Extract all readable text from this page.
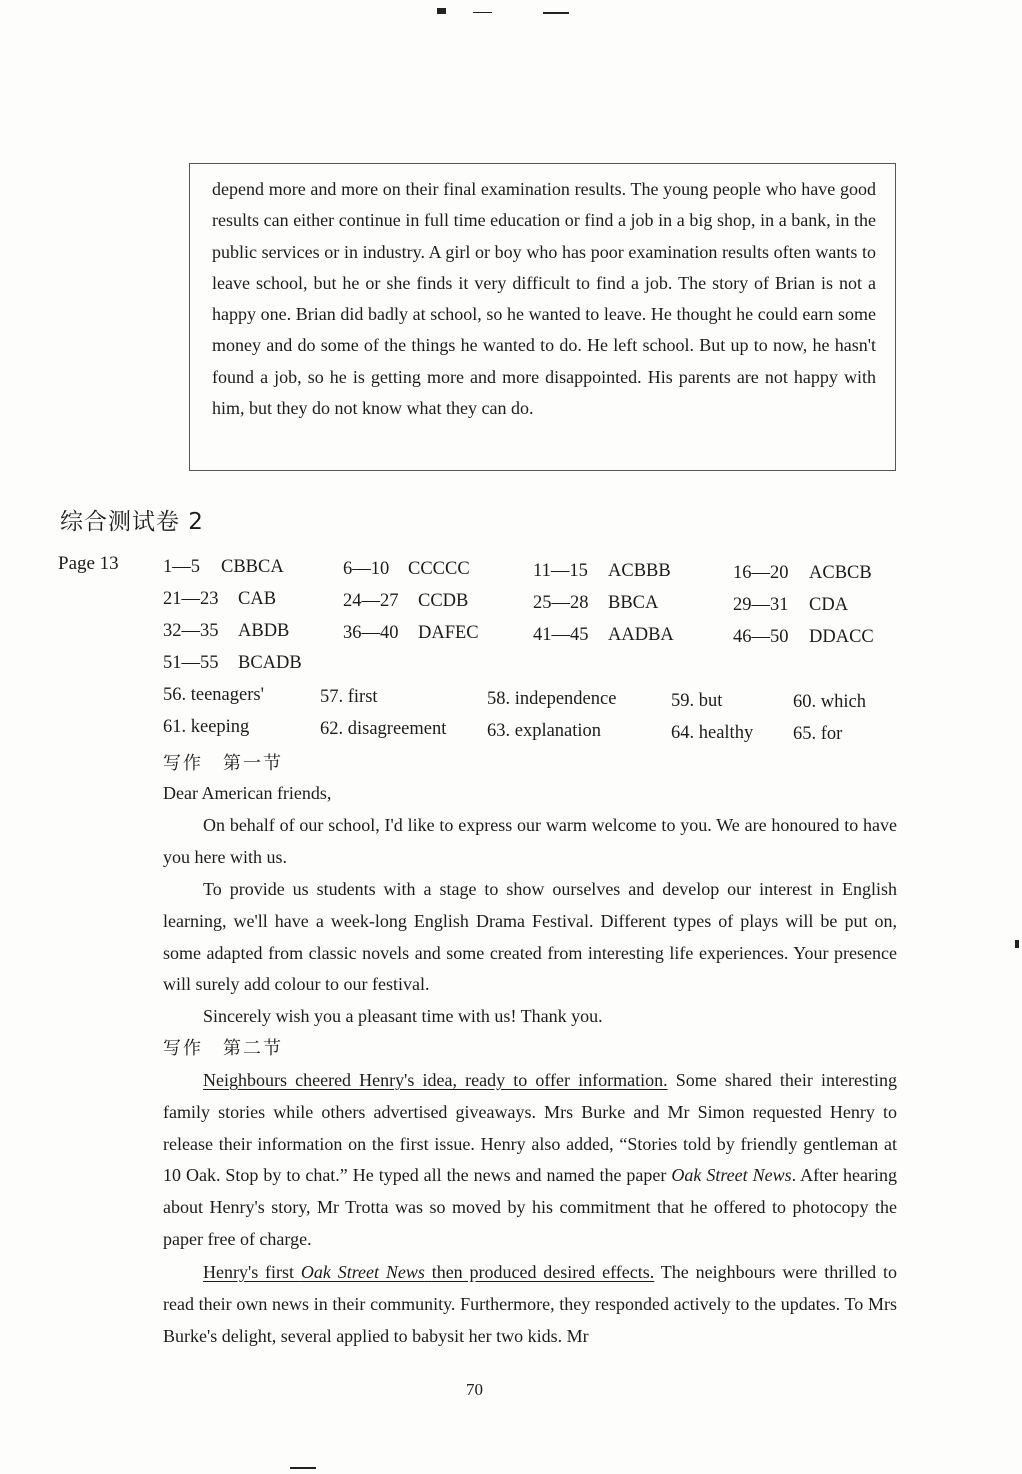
depend more and more on their final examination results. The young people who have good results can either continue in full time education or find a job in a big shop, in a bank, in the public services or in industry. A girl or boy who has poor examination results often wants to leave school, but he or she finds it very difficult to find a job. The story of Brian is not a happy one. Brian did badly at school, so he wanted to leave. He thought he could earn some money and do some of the things he wanted to do. He left school. But up to now, he hasn't found a job, so he is getting more and more disappointed. His parents are not happy with him, but they do not know what they can do.
综合测试卷 2
Page 13 1—5 CBBCA	6—10 CCCCC	11—15 ACBBB	16—20 ACBCB
21—23 CAB	24—27 CCDB	25—28 BBCA	29—31 CDA
32—35 ABDB	36—40 DAFEC	41—45 AADBA	46—50 DDACC
51—55 BCADB
56. teenagers'	57. first	58. independence	59. but	60. which
61. keeping	62. disagreement 63. explanation	64. healthy 65. for
写作　第一节
Dear American friends,
On behalf of our school, I'd like to express our warm welcome to you. We are honoured to have you here with us.
To provide us students with a stage to show ourselves and develop our interest in English learning, we'll have a week-long English Drama Festival. Different types of plays will be put on, some adapted from classic novels and some created from interesting life experiences. Your presence will surely add colour to our festival.
Sincerely wish you a pleasant time with us! Thank you.
写作　第二节
Neighbours cheered Henry's idea, ready to offer information. Some shared their interesting family stories while others advertised giveaways. Mrs Burke and Mr Simon requested Henry to release their information on the first issue. Henry also added, “Stories told by friendly gentleman at 10 Oak. Stop by to chat.” He typed all the news and named the paper Oak Street News. After hearing about Henry's story, Mr Trotta was so moved by his commitment that he offered to photocopy the paper free of charge.
Henry's first Oak Street News then produced desired effects. The neighbours were thrilled to read their own news in their community. Furthermore, they responded actively to the updates. To Mrs Burke's delight, several applied to babysit her two kids. Mr
70
